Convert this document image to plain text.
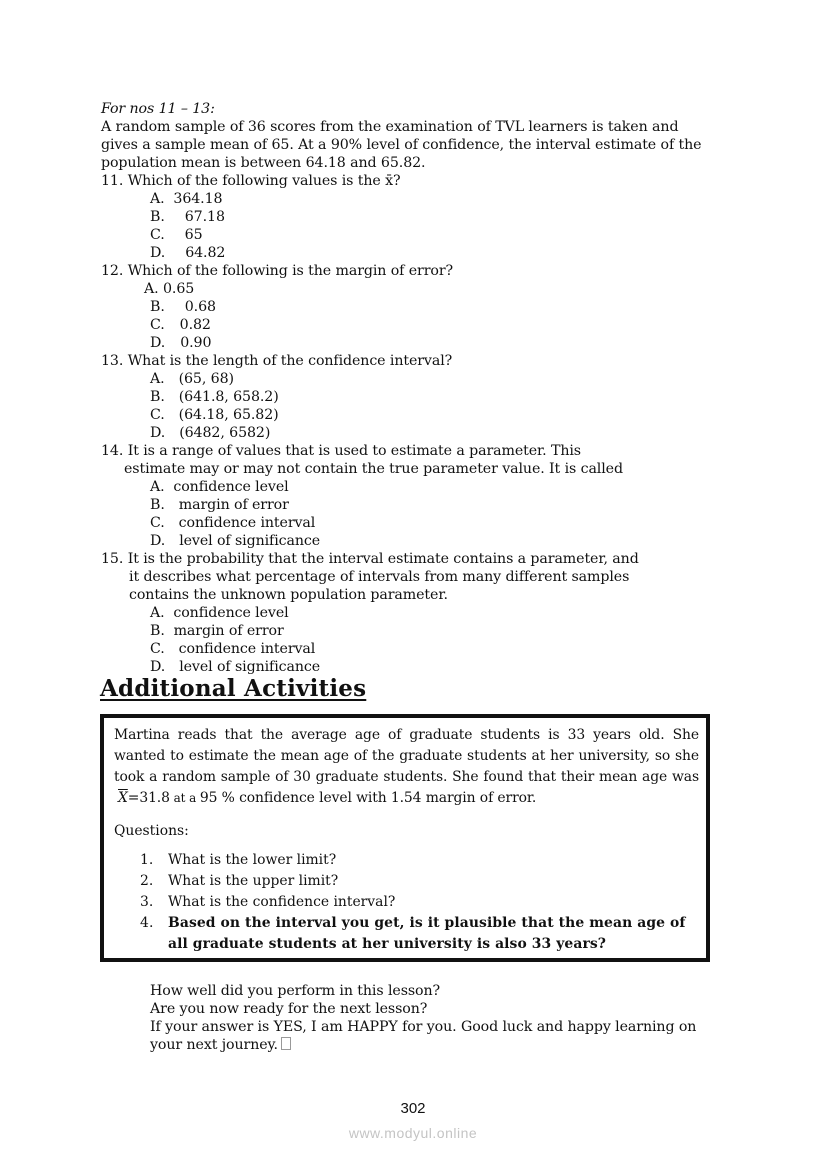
For nos 11 – 13:
A random sample of 36 scores from the examination of TVL learners is taken and
gives a sample mean of 65. At a 90% level of confidence, the interval estimate of the
population mean is between 64.18 and 65.82.
11. Which of the following values is the x̄?
A. 364.18
B. 67.18
C. 65
D. 64.82
12. Which of the following is the margin of error?
A. 0.65
B. 0.68
C. 0.82
D. 0.90
13. What is the length of the confidence interval?
A. (65, 68)
B. (641.8, 658.2)
C. (64.18, 65.82)
D. (6482, 6582)
14. It is a range of values that is used to estimate a parameter. This
estimate may or may not contain the true parameter value. It is called
A. confidence level
B. margin of error
C. confidence interval
D. level of significance
15. It is the probability that the interval estimate contains a parameter, and
it describes what percentage of intervals from many different samples
contains the unknown population parameter.
A. confidence level
B. margin of error
C. confidence interval
D. level of significance
Additional Activities
Martina reads that the average age of graduate students is 33 years old. She wanted to estimate the mean age of the graduate students at her university, so she took a random sample of 30 graduate students. She found that their mean age was $\overline{X}=31.8$ at a 95 % confidence level with 1.54 margin of error.
Questions:
1. What is the lower limit?
2. What is the upper limit?
3. What is the confidence interval?
4. Based on the interval you get, is it plausible that the mean age of
all graduate students at her university is also 33 years?
How well did you perform in this lesson?
Are you now ready for the next lesson?
If your answer is YES, I am HAPPY for you. Good luck and happy learning on
your next journey.
302
www.modyul.online
